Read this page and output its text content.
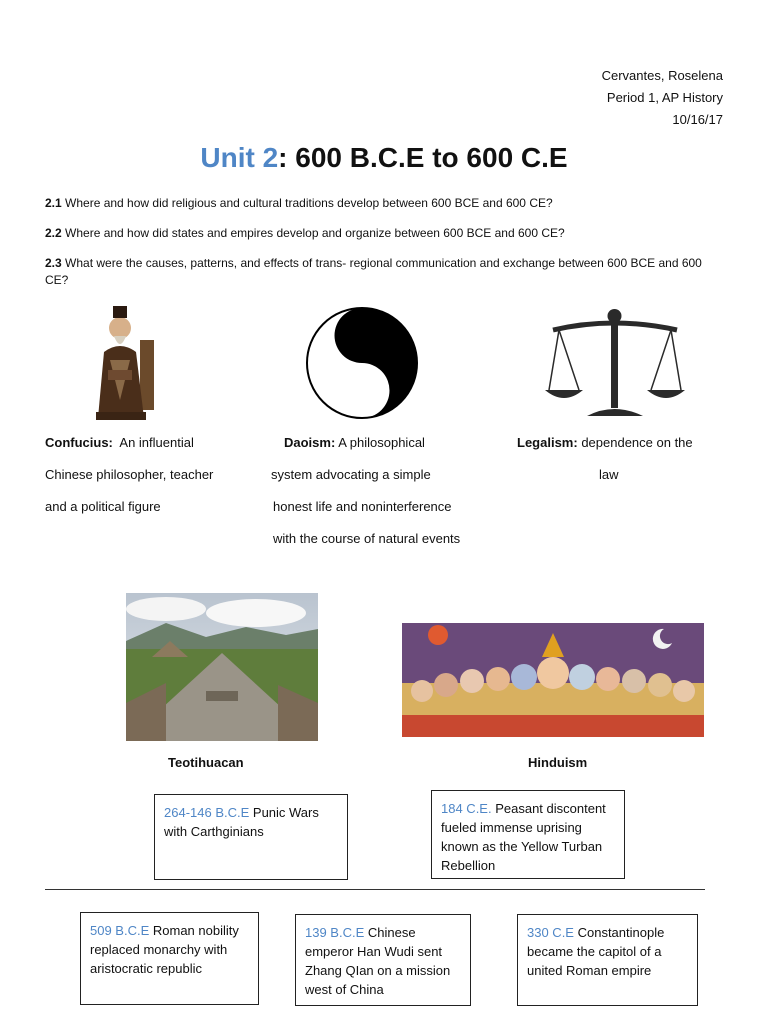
Cervantes, Roselena
Period 1, AP History
10/16/17
Unit 2: 600 B.C.E to 600 C.E
2.1 Where and how did religious and cultural traditions develop between 600 BCE and 600 CE?
2.2 Where and how did states and empires develop and organize between 600 BCE and 600 CE?
2.3 What were the causes, patterns, and effects of trans- regional communication and exchange between 600 BCE and 600 CE?
Confucius: An influential
Chinese philosopher, teacher
and a political figure
Daoism: A philosophical
system advocating a simple
honest life and noninterference
with the course of natural events
Legalism: dependence on the
law
Teotihuacan	Hinduism
264-146 B.C.E Punic Wars with Carthginians
184 C.E. Peasant discontent fueled immense uprising known as the Yellow Turban Rebellion
509 B.C.E Roman nobility replaced monarchy with aristocratic republic
139 B.C.E Chinese emperor Han Wudi sent Zhang QIan on a mission west of China
330 C.E Constantinople became the capitol of a united Roman empire
